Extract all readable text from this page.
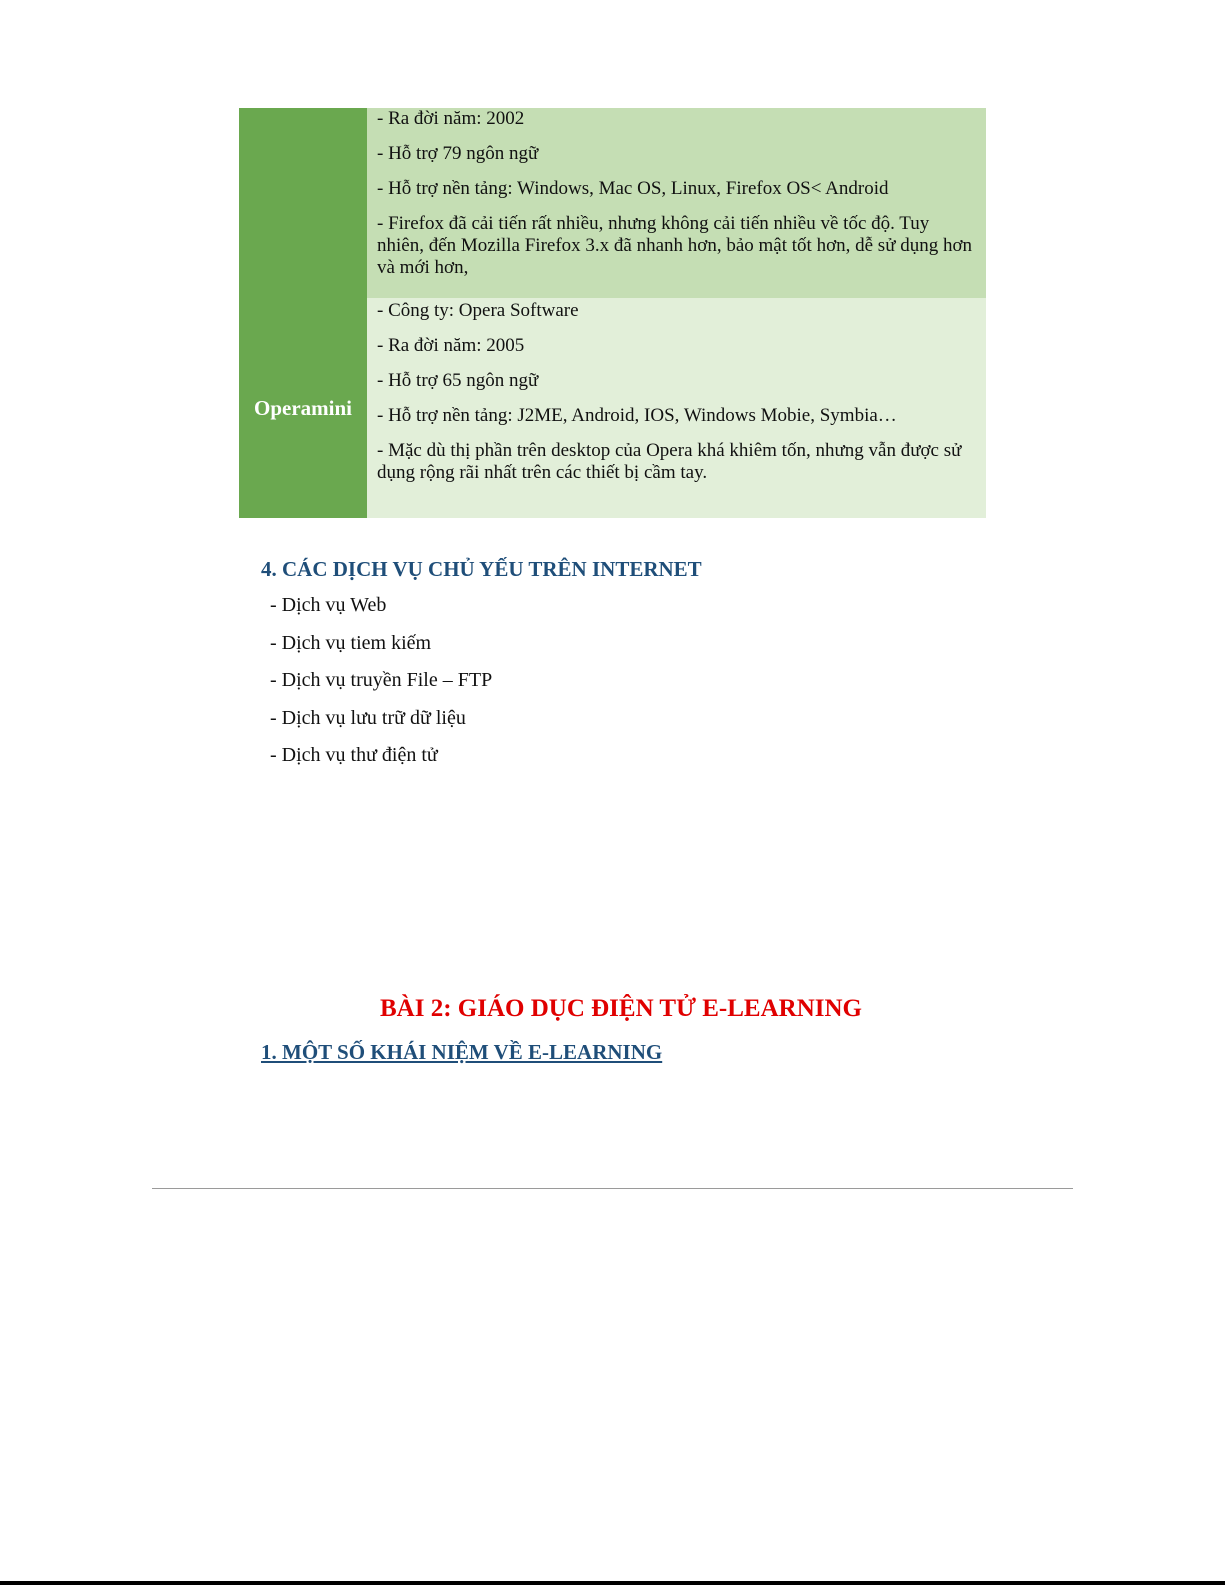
	- Ra đời năm: 2002

- Hỗ trợ 79 ngôn ngữ

- Hỗ trợ nền tảng: Windows, Mac OS, Linux, Firefox OS< Android

- Firefox đã cải tiến rất nhiều, nhưng không cải tiến nhiều về tốc độ. Tuy nhiên, đến Mozilla Firefox 3.x đã nhanh hơn, bảo mật tốt hơn, dễ sử dụng hơn và mới hơn,

Operamini	- Công ty: Opera Software

- Ra đời năm: 2005

- Hỗ trợ 65 ngôn ngữ

- Hỗ trợ nền tảng: J2ME, Android, IOS, Windows Mobie, Symbia…

- Mặc dù thị phần trên desktop của Opera khá khiêm tốn, nhưng vẫn được sử dụng rộng rãi nhất trên các thiết bị cầm tay.

4. CÁC DỊCH VỤ CHỦ YẾU TRÊN INTERNET
- Dịch vụ Web
- Dịch vụ tiem kiếm
- Dịch vụ truyền File – FTP
- Dịch vụ lưu trữ dữ liệu
- Dịch vụ thư điện tử
BÀI 2: GIÁO DỤC ĐIỆN TỬ E-LEARNING
1. MỘT SỐ KHÁI NIỆM VỀ E-LEARNING
